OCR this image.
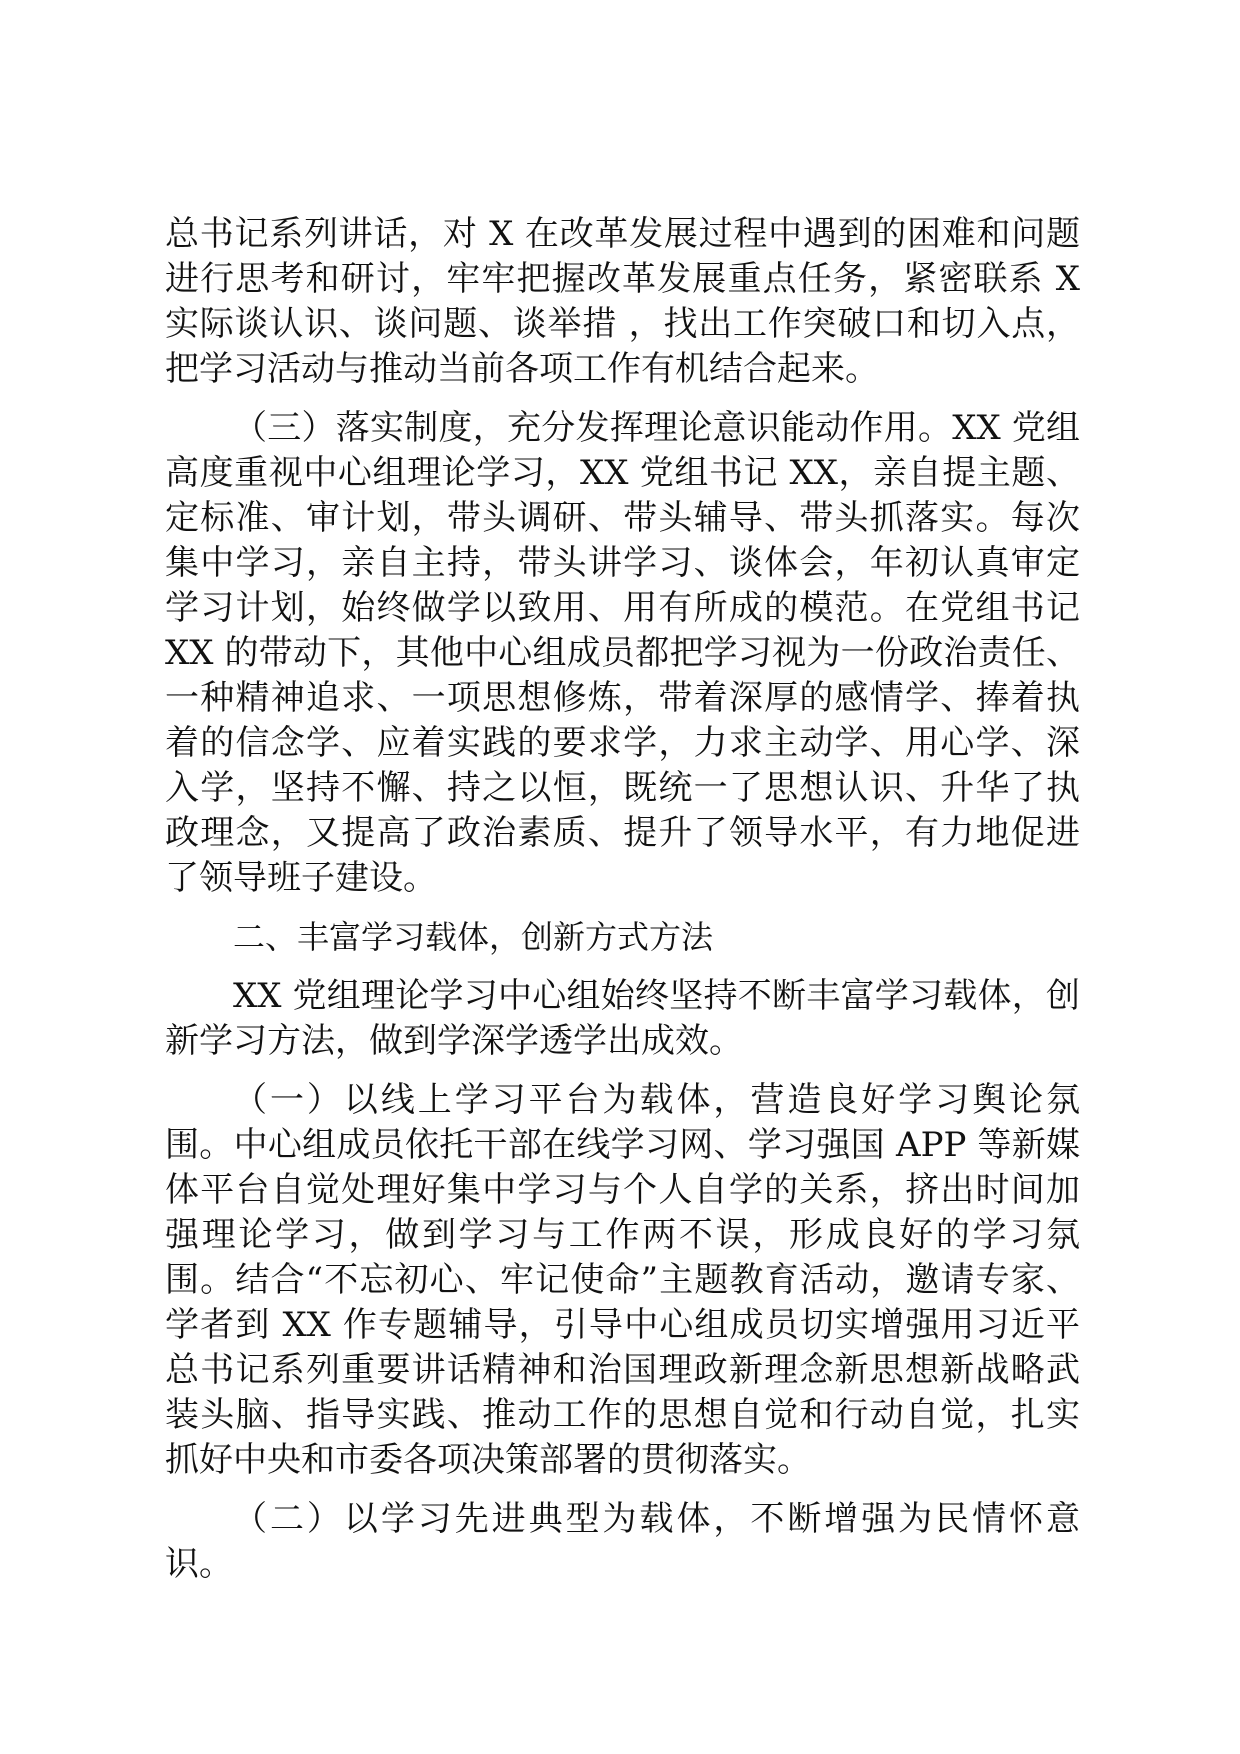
总书记系列讲话，对 X 在改革发展过程中遇到的困难和问题进行思考和研讨，牢牢把握改革发展重点任务，紧密联系 X 实际谈认识、谈问题、谈举措 ，找出工作突破口和切入点，把学习活动与推动当前各项工作有机结合起来。

（三）落实制度，充分发挥理论意识能动作用。XX 党组高度重视中心组理论学习，XX 党组书记 XX，亲自提主题、定标准、审计划，带头调研、带头辅导、带头抓落实。每次集中学习，亲自主持，带头讲学习、谈体会，年初认真审定学习计划，始终做学以致用、用有所成的模范。在党组书记 XX 的带动下，其他中心组成员都把学习视为一份政治责任、一种精神追求、一项思想修炼，带着深厚的感情学、捧着执着的信念学、应着实践的要求学，力求主动学、用心学、深入学，坚持不懈、持之以恒，既统一了思想认识、升华了执政理念，又提高了政治素质、提升了领导水平，有力地促进了领导班子建设。

二、丰富学习载体，创新方式方法

XX 党组理论学习中心组始终坚持不断丰富学习载体，创新学习方法，做到学深学透学出成效。

（一）以线上学习平台为载体，营造良好学习舆论氛围。中心组成员依托干部在线学习网、学习强国 APP 等新媒体平台自觉处理好集中学习与个人自学的关系，挤出时间加强理论学习，做到学习与工作两不误，形成良好的学习氛围。结合“不忘初心、牢记使命”主题教育活动，邀请专家、学者到 XX 作专题辅导，引导中心组成员切实增强用习近平总书记系列重要讲话精神和治国理政新理念新思想新战略武装头脑、指导实践、推动工作的思想自觉和行动自觉，扎实抓好中央和市委各项决策部署的贯彻落实。

（二）以学习先进典型为载体，不断增强为民情怀意识。
